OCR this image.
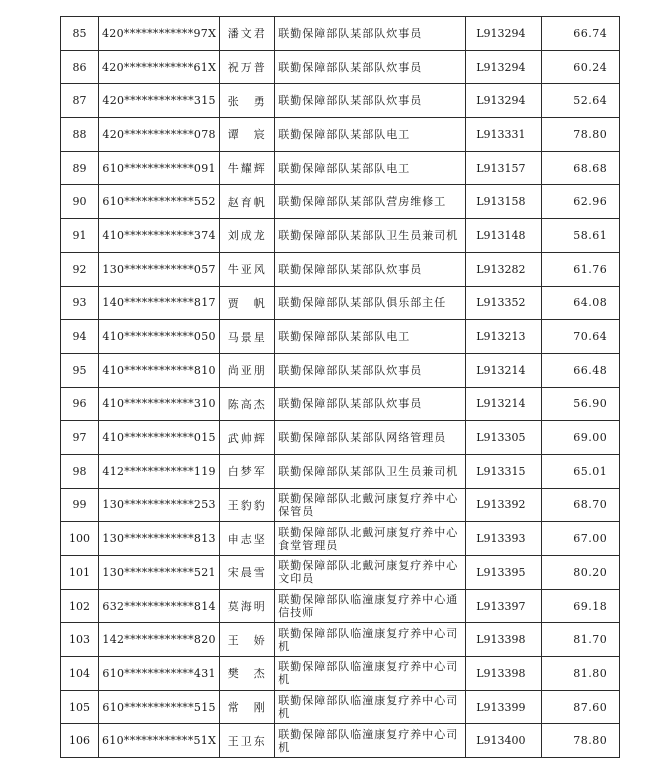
85	420************97X	潘文君	联勤保障部队某部队炊事员	L913294	66.74
86	420************61X	祝万普	联勤保障部队某部队炊事员	L913294	60.24
87	420************315	张　勇	联勤保障部队某部队炊事员	L913294	52.64
88	420************078	谭　宸	联勤保障部队某部队电工	L913331	78.80
89	610************091	牛耀辉	联勤保障部队某部队电工	L913157	68.68
90	610************552	赵育帆	联勤保障部队某部队营房维修工	L913158	62.96
91	410************374	刘成龙	联勤保障部队某部队卫生员兼司机	L913148	58.61
92	130************057	牛亚风	联勤保障部队某部队炊事员	L913282	61.76
93	140************817	贾　帆	联勤保障部队某部队俱乐部主任	L913352	64.08
94	410************050	马景星	联勤保障部队某部队电工	L913213	70.64
95	410************810	尚亚朋	联勤保障部队某部队炊事员	L913214	66.48
96	410************310	陈高杰	联勤保障部队某部队炊事员	L913214	56.90
97	410************015	武帅辉	联勤保障部队某部队网络管理员	L913305	69.00
98	412************119	白梦军	联勤保障部队某部队卫生员兼司机	L913315	65.01
99	130************253	王豹豹	联勤保障部队北戴河康复疗养中心保管员	L913392	68.70
100	130************813	申志坚	联勤保障部队北戴河康复疗养中心食堂管理员	L913393	67.00
101	130************521	宋晨雪	联勤保障部队北戴河康复疗养中心文印员	L913395	80.20
102	632************814	莫海明	联勤保障部队临潼康复疗养中心通信技师	L913397	69.18
103	142************820	王　娇	联勤保障部队临潼康复疗养中心司机	L913398	81.70
104	610************431	樊　杰	联勤保障部队临潼康复疗养中心司机	L913398	81.80
105	610************515	常　刚	联勤保障部队临潼康复疗养中心司机	L913399	87.60
106	610************51X	王卫东	联勤保障部队临潼康复疗养中心司机	L913400	78.80
